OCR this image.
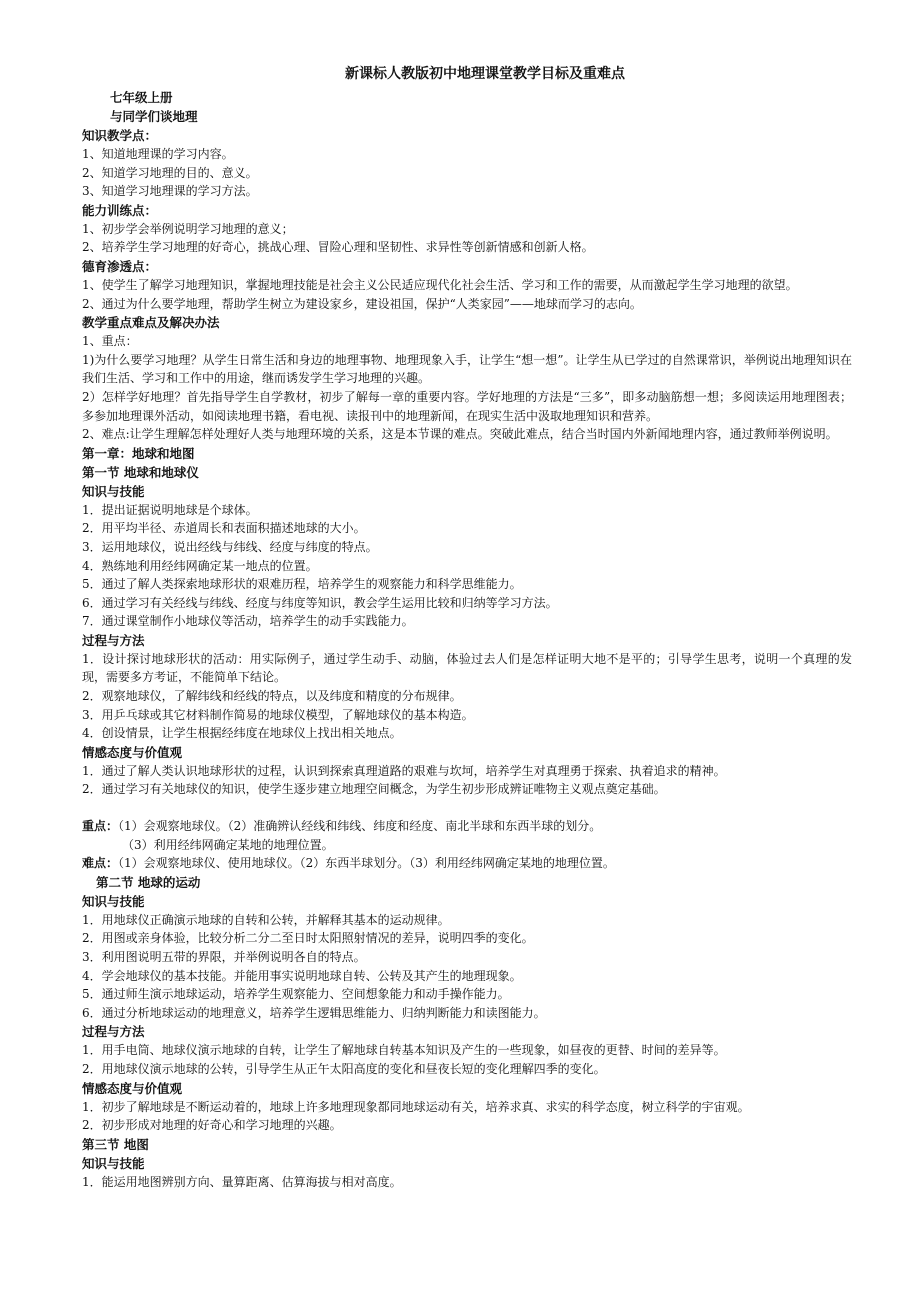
新课标人教版初中地理课堂教学目标及重难点
七年级上册
与同学们谈地理
知识教学点：
1、知道地理课的学习内容。
2、知道学习地理的目的、意义。
3、知道学习地理课的学习方法。
能力训练点：
1、初步学会举例说明学习地理的意义；
2、培养学生学习地理的好奇心，挑战心理、冒险心理和坚韧性、求异性等创新情感和创新人格。
德育渗透点：
1、使学生了解学习地理知识，掌握地理技能是社会主义公民适应现代化社会生活、学习和工作的需要，从而激起学生学习地理的欲望。
2、通过为什么要学地理，帮助学生树立为建设家乡，建设祖国，保护“人类家园”——地球而学习的志向。
教学重点难点及解决办法
1、重点：
1)为什么要学习地理？从学生日常生活和身边的地理事物、地理现象入手，让学生“想一想”。让学生从已学过的自然课常识，举例说出地理知识在我们生活、学习和工作中的用途，继而诱发学生学习地理的兴趣。
2）怎样学好地理？首先指导学生自学教材，初步了解每一章的重要内容。学好地理的方法是“三多”，即多动脑筋想一想；多阅读运用地理图表；多参加地理课外活动，如阅读地理书籍，看电视、读报刊中的地理新闻，在现实生活中汲取地理知识和营养。
2、难点:让学生理解怎样处理好人类与地理环境的关系，这是本节课的难点。突破此难点，结合当时国内外新闻地理内容，通过教师举例说明。
第一章：地球和地图
第一节 地球和地球仪
知识与技能
1．提出证据说明地球是个球体。
2．用平均半径、赤道周长和表面积描述地球的大小。
3．运用地球仪，说出经线与纬线、经度与纬度的特点。
4．熟练地利用经纬网确定某一地点的位置。
5．通过了解人类探索地球形状的艰难历程，培养学生的观察能力和科学思维能力。
6．通过学习有关经线与纬线、经度与纬度等知识，教会学生运用比较和归纳等学习方法。
7．通过课堂制作小地球仪等活动，培养学生的动手实践能力。
过程与方法
1．设计探讨地球形状的活动：用实际例子，通过学生动手、动脑，体验过去人们是怎样证明大地不是平的；引导学生思考，说明一个真理的发现，需要多方考证，不能简单下结论。
2．观察地球仪，了解纬线和经线的特点，以及纬度和精度的分布规律。
3．用乒乓球或其它材料制作简易的地球仪模型，了解地球仪的基本构造。
4．创设情景，让学生根据经纬度在地球仪上找出相关地点。
情感态度与价值观
1．通过了解人类认识地球形状的过程，认识到探索真理道路的艰难与坎坷，培养学生对真理勇于探索、执着追求的精神。
2．通过学习有关地球仪的知识，使学生逐步建立地理空间概念，为学生初步形成辨证唯物主义观点奠定基础。
重点：（1）会观察地球仪。（2）准确辨认经线和纬线、纬度和经度、南北半球和东西半球的划分。
（3）利用经纬网确定某地的地理位置。
难点：（1）会观察地球仪、使用地球仪。（2）东西半球划分。（3）利用经纬网确定某地的地理位置。
第二节 地球的运动
知识与技能
1．用地球仪正确演示地球的自转和公转，并解释其基本的运动规律。
2．用图或亲身体验，比较分析二分二至日时太阳照射情况的差异，说明四季的变化。
3．利用图说明五带的界限，并举例说明各自的特点。
4．学会地球仪的基本技能。并能用事实说明地球自转、公转及其产生的地理现象。
5．通过师生演示地球运动，培养学生观察能力、空间想象能力和动手操作能力。
6．通过分析地球运动的地理意义，培养学生逻辑思维能力、归纳判断能力和读图能力。
过程与方法
1．用手电筒、地球仪演示地球的自转，让学生了解地球自转基本知识及产生的一些现象，如昼夜的更替、时间的差异等。
2．用地球仪演示地球的公转，引导学生从正午太阳高度的变化和昼夜长短的变化理解四季的变化。
情感态度与价值观
1．初步了解地球是不断运动着的，地球上许多地理现象都同地球运动有关，培养求真、求实的科学态度，树立科学的宇宙观。
2．初步形成对地理的好奇心和学习地理的兴趣。
第三节 地图
知识与技能
1．能运用地图辨别方向、量算距离、估算海拔与相对高度。
